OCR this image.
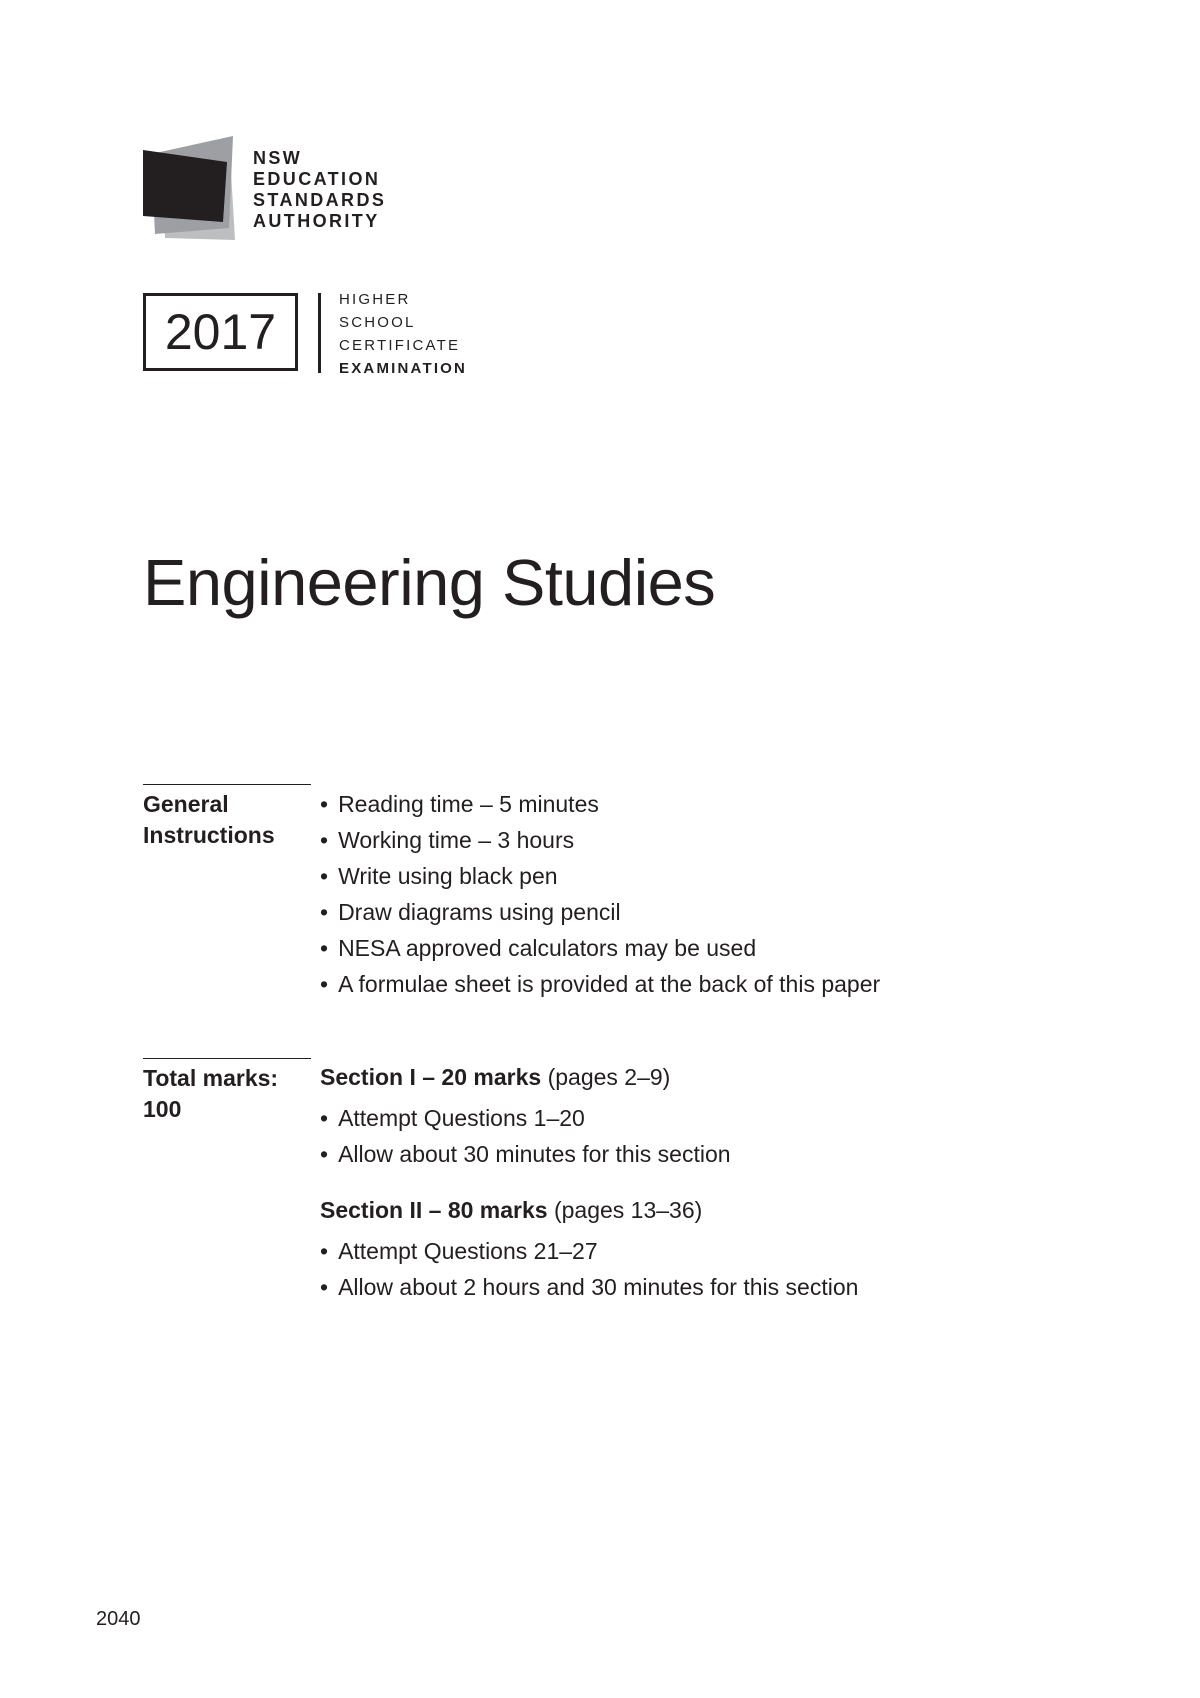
NSW
EDUCATION
STANDARDS
AUTHORITY
2017
HIGHER
SCHOOL
CERTIFICATE
EXAMINATION
Engineering Studies
General
Instructions
• Reading time – 5 minutes
• Working time – 3 hours
• Write using black pen
• Draw diagrams using pencil
• NESA approved calculators may be used
• A formulae sheet is provided at the back of this paper
Total marks:
100
Section I – 20 marks (pages 2–9)
• Attempt Questions 1–20
• Allow about 30 minutes for this section
Section II – 80 marks (pages 13–36)
• Attempt Questions 21–27
• Allow about 2 hours and 30 minutes for this section
2040
